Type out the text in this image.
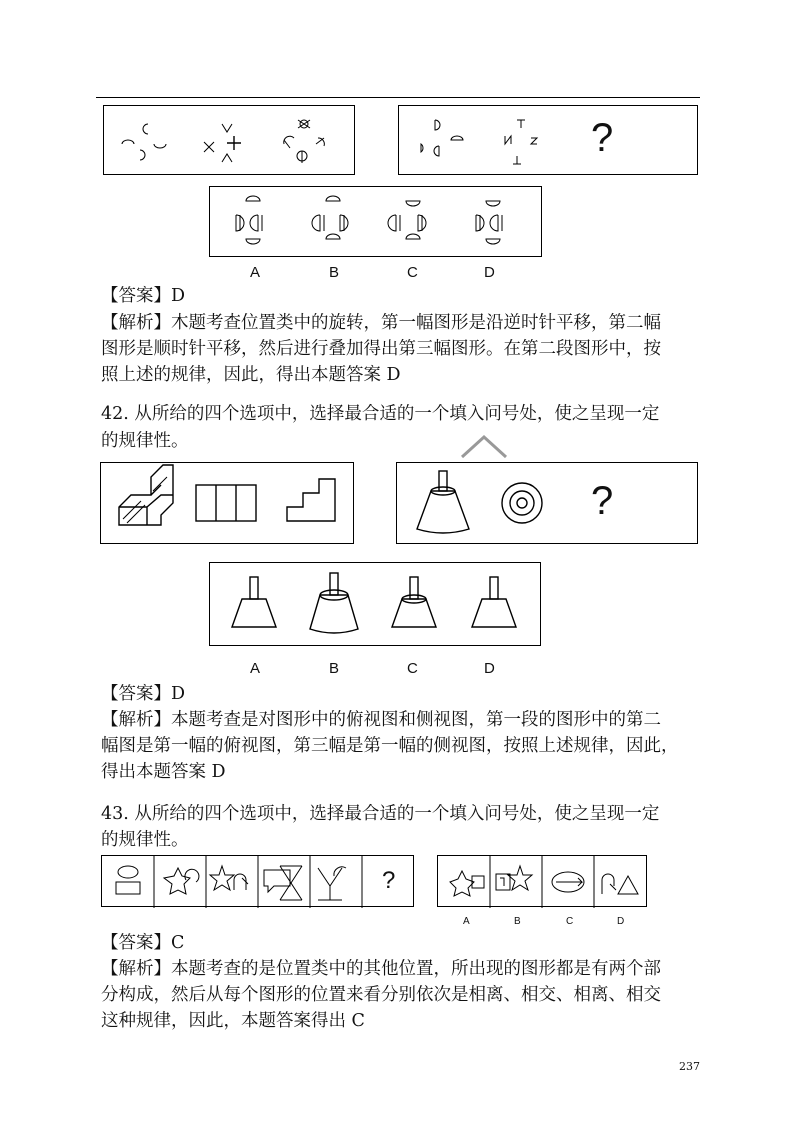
?
A	B	C	D
【答案】D
【解析】木题考查位置类中的旋转，第一幅图形是沿逆时针平移，第二幅
图形是顺时针平移，然后进行叠加得出第三幅图形。在第二段图形中，按
照上述的规律，因此，得出本题答案 D
42. 从所给的四个选项中，选择最合适的一个填入问号处，使之呈现一定
的规律性。
?
A	B	C	D
【答案】D
【解析】本题考查是对图形中的俯视图和侧视图，第一段的图形中的第二
幅图是第一幅的俯视图，第三幅是第一幅的侧视图，按照上述规律，因此，
得出本题答案 D
43. 从所给的四个选项中，选择最合适的一个填入问号处，使之呈现一定
的规律性。
?
A	B	C	D
【答案】C
【解析】本题考查的是位置类中的其他位置，所出现的图形都是有两个部
分构成，然后从每个图形的位置来看分别依次是相离、相交、相离、相交
这种规律，因此，本题答案得出 C
237
